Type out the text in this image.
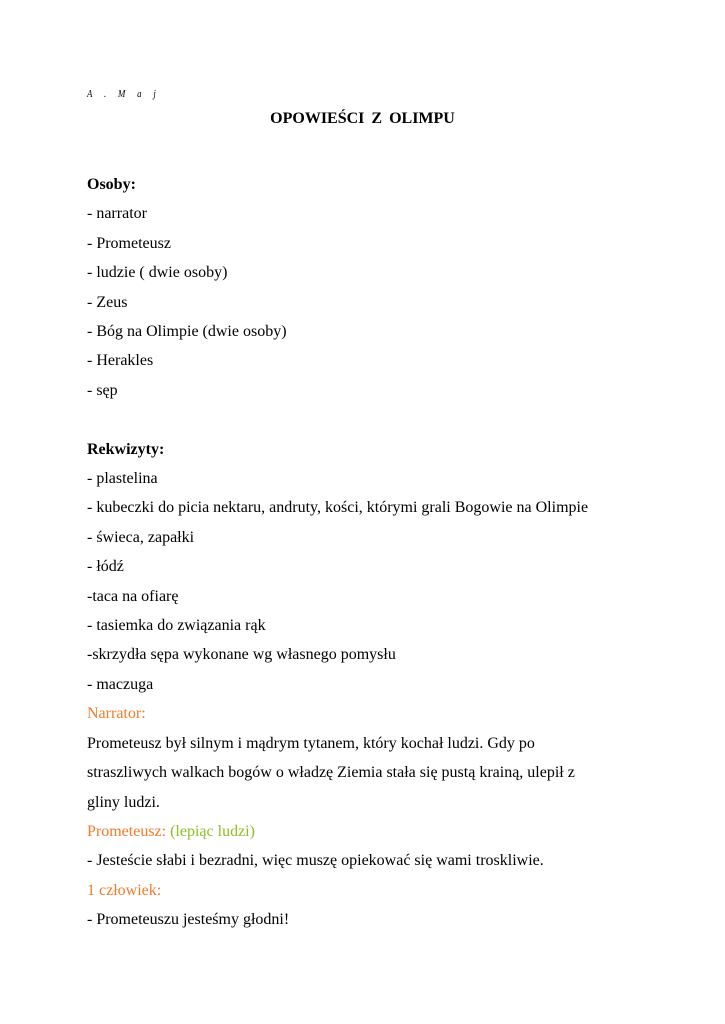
A . M a j
OPOWIEŚCI Z OLIMPU
Osoby:
- narrator
- Prometeusz
- ludzie ( dwie osoby)
- Zeus
- Bóg na Olimpie (dwie osoby)
- Herakles
- sęp
Rekwizyty:
- plastelina
- kubeczki do picia nektaru, andruty, kości, którymi grali Bogowie na Olimpie
- świeca, zapałki
- łódź
-taca na ofiarę
- tasiemka do związania rąk
-skrzydła sępa wykonane wg własnego pomysłu
- maczuga
Narrator:
Prometeusz był silnym i mądrym tytanem, który kochał ludzi. Gdy po
straszliwych walkach bogów o władzę Ziemia stała się pustą krainą, ulepił z
gliny ludzi.
Prometeusz: (lepiąc ludzi)
- Jesteście słabi i bezradni, więc muszę opiekować się wami troskliwie.
1 człowiek:
- Prometeuszu jesteśmy głodni!
